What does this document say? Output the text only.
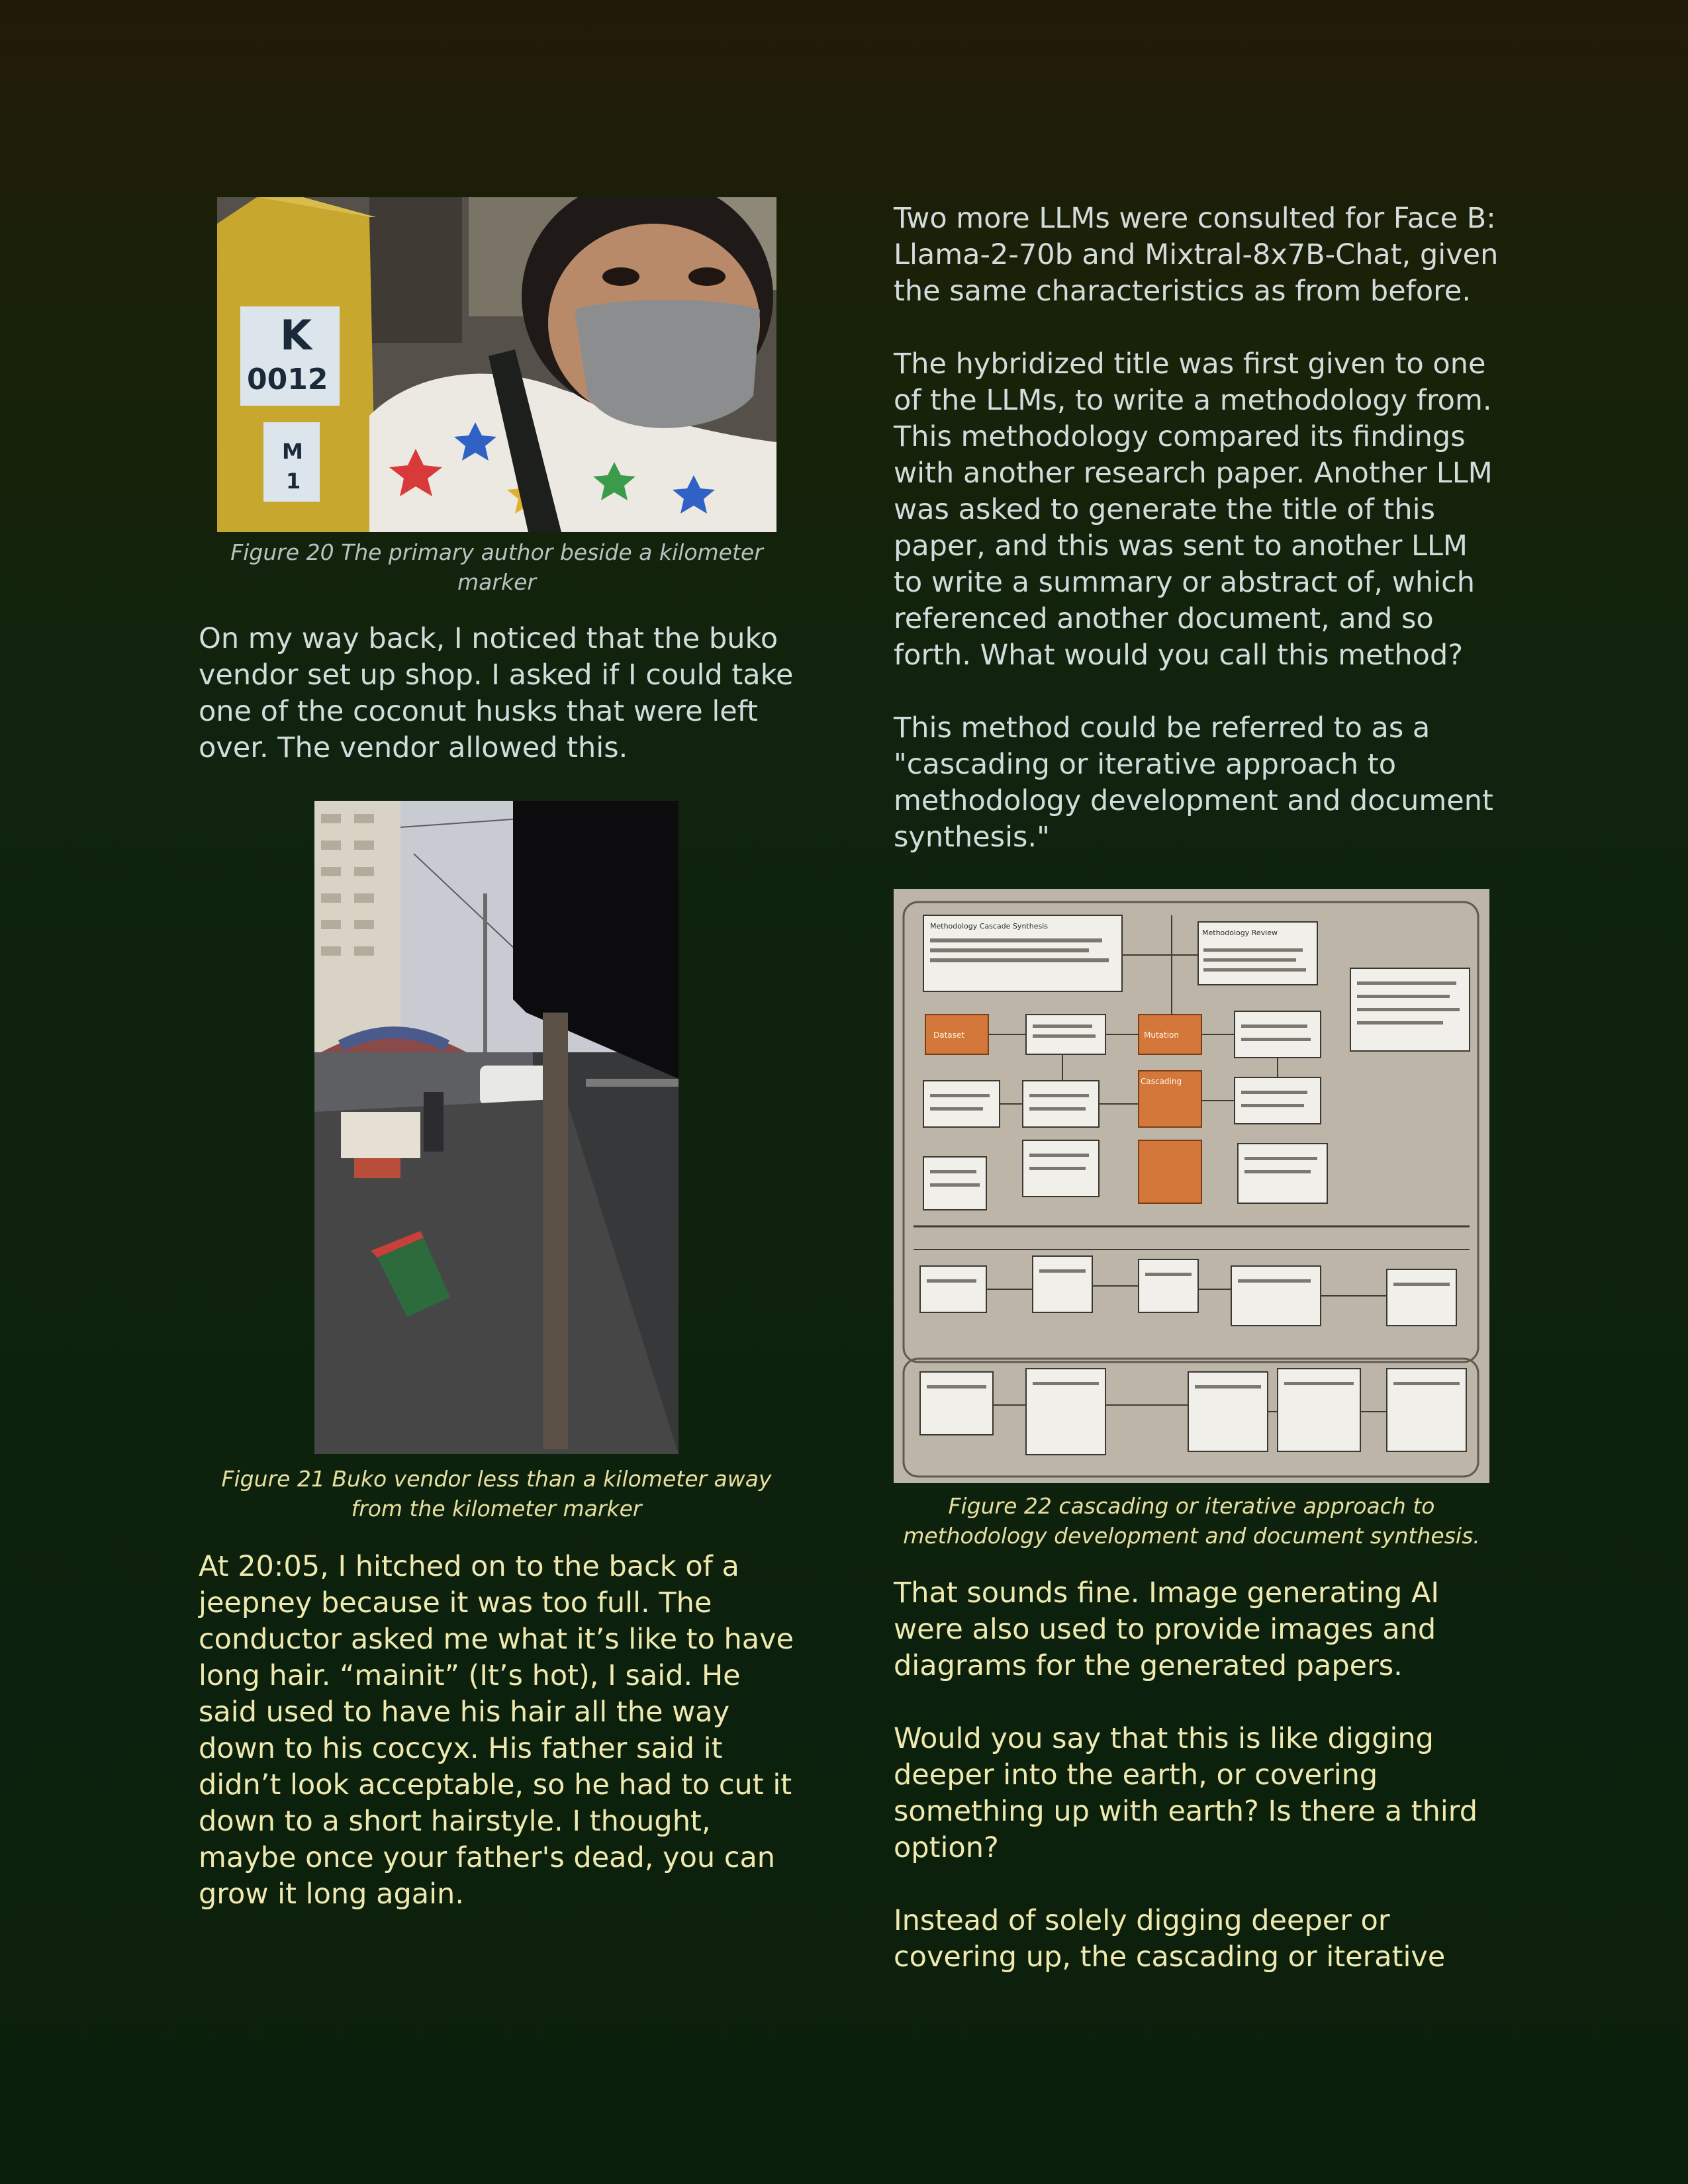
K
0012
M
1
Figure 20 The primary author beside a kilometer marker

On my way back, I noticed that the buko vendor set up shop. I asked if I could take one of the coconut husks that were left over. The vendor allowed this.

Figure 21 Buko vendor less than a kilometer away from the kilometer marker

At 20:05, I hitched on to the back of a jeepney because it was too full. The conductor asked me what it’s like to have long hair. “mainit” (It’s hot), I said. He said used to have his hair all the way down to his coccyx. His father said it didn’t look acceptable, so he had to cut it down to a short hairstyle. I thought, maybe once your father's dead, you can grow it long again.

Two more LLMs were consulted for Face B: Llama-2-70b and Mixtral-8x7B-Chat, given the same characteristics as from before.

The hybridized title was first given to one of the LLMs, to write a methodology from. This methodology compared its findings with another research paper. Another LLM was asked to generate the title of this paper, and this was sent to another LLM to write a summary or abstract of, which referenced another document, and so forth. What would you call this method?

This method could be referred to as a "cascading or iterative approach to methodology development and document synthesis."

Methodology Cascade Synthesis
Methodology Review
Dataset	Mutation
Cascading
Figure 22 cascading or iterative approach to methodology development and document synthesis.

That sounds fine. Image generating AI were also used to provide images and diagrams for the generated papers.

Would you say that this is like digging deeper into the earth, or covering something up with earth? Is there a third option?

Instead of solely digging deeper or covering up, the cascading or iterative
